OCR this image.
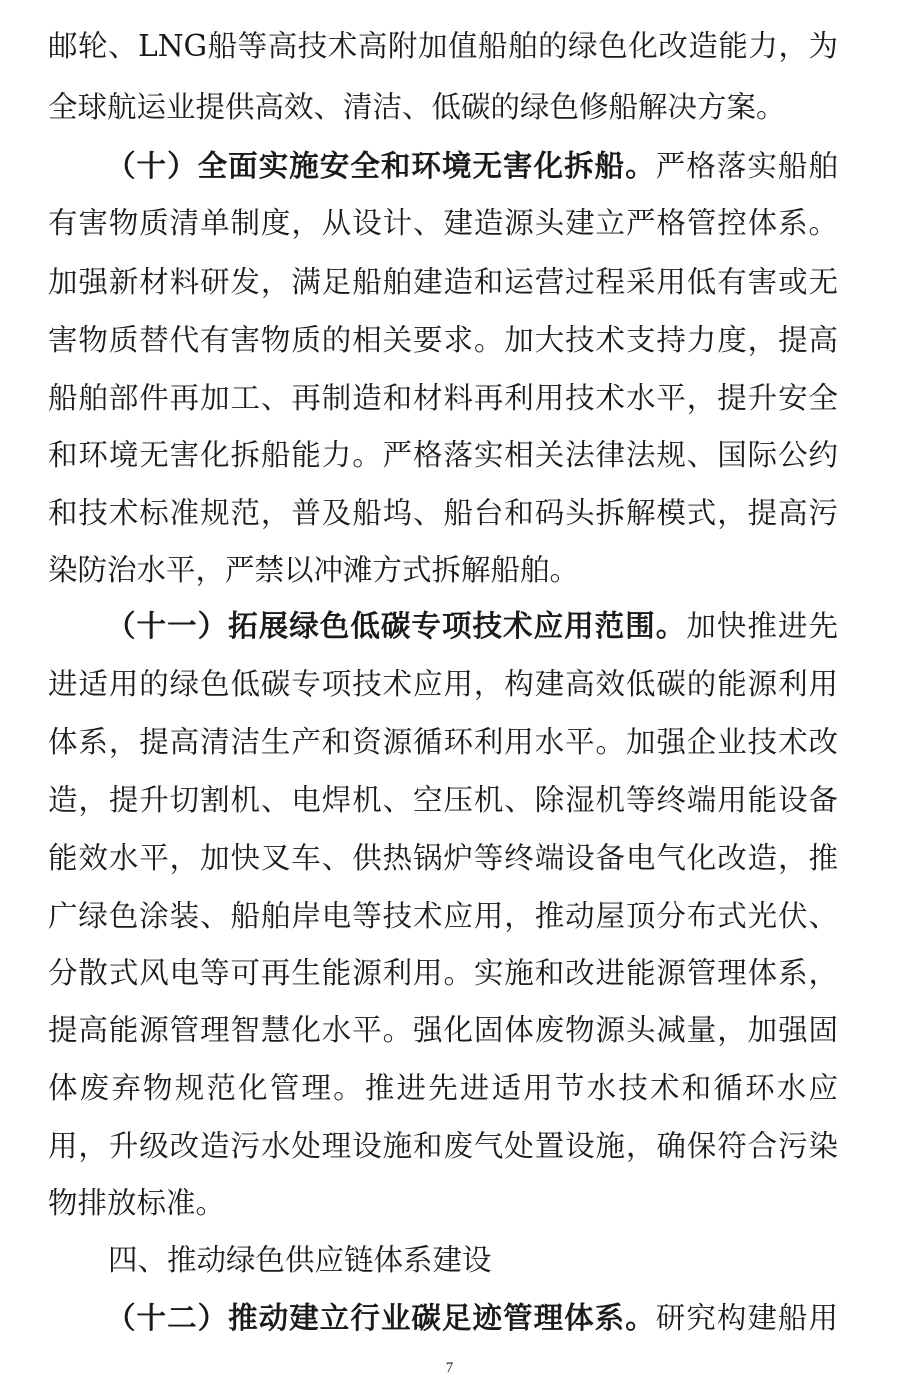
邮轮、LNG船等高技术高附加值船舶的绿色化改造能力，为
全球航运业提供高效、清洁、低碳的绿色修船解决方案。
（十）全面实施安全和环境无害化拆船。严格落实船舶
有害物质清单制度，从设计、建造源头建立严格管控体系。
加强新材料研发，满足船舶建造和运营过程采用低有害或无
害物质替代有害物质的相关要求。加大技术支持力度，提高
船舶部件再加工、再制造和材料再利用技术水平，提升安全
和环境无害化拆船能力。严格落实相关法律法规、国际公约
和技术标准规范，普及船坞、船台和码头拆解模式，提高污
染防治水平，严禁以冲滩方式拆解船舶。
（十一）拓展绿色低碳专项技术应用范围。加快推进先
进适用的绿色低碳专项技术应用，构建高效低碳的能源利用
体系，提高清洁生产和资源循环利用水平。加强企业技术改
造，提升切割机、电焊机、空压机、除湿机等终端用能设备
能效水平，加快叉车、供热锅炉等终端设备电气化改造，推
广绿色涂装、船舶岸电等技术应用，推动屋顶分布式光伏、
分散式风电等可再生能源利用。实施和改进能源管理体系，
提高能源管理智慧化水平。强化固体废物源头减量，加强固
体废弃物规范化管理。推进先进适用节水技术和循环水应
用，升级改造污水处理设施和废气处置设施，确保符合污染
物排放标准。
四、推动绿色供应链体系建设
（十二）推动建立行业碳足迹管理体系。研究构建船用
7
